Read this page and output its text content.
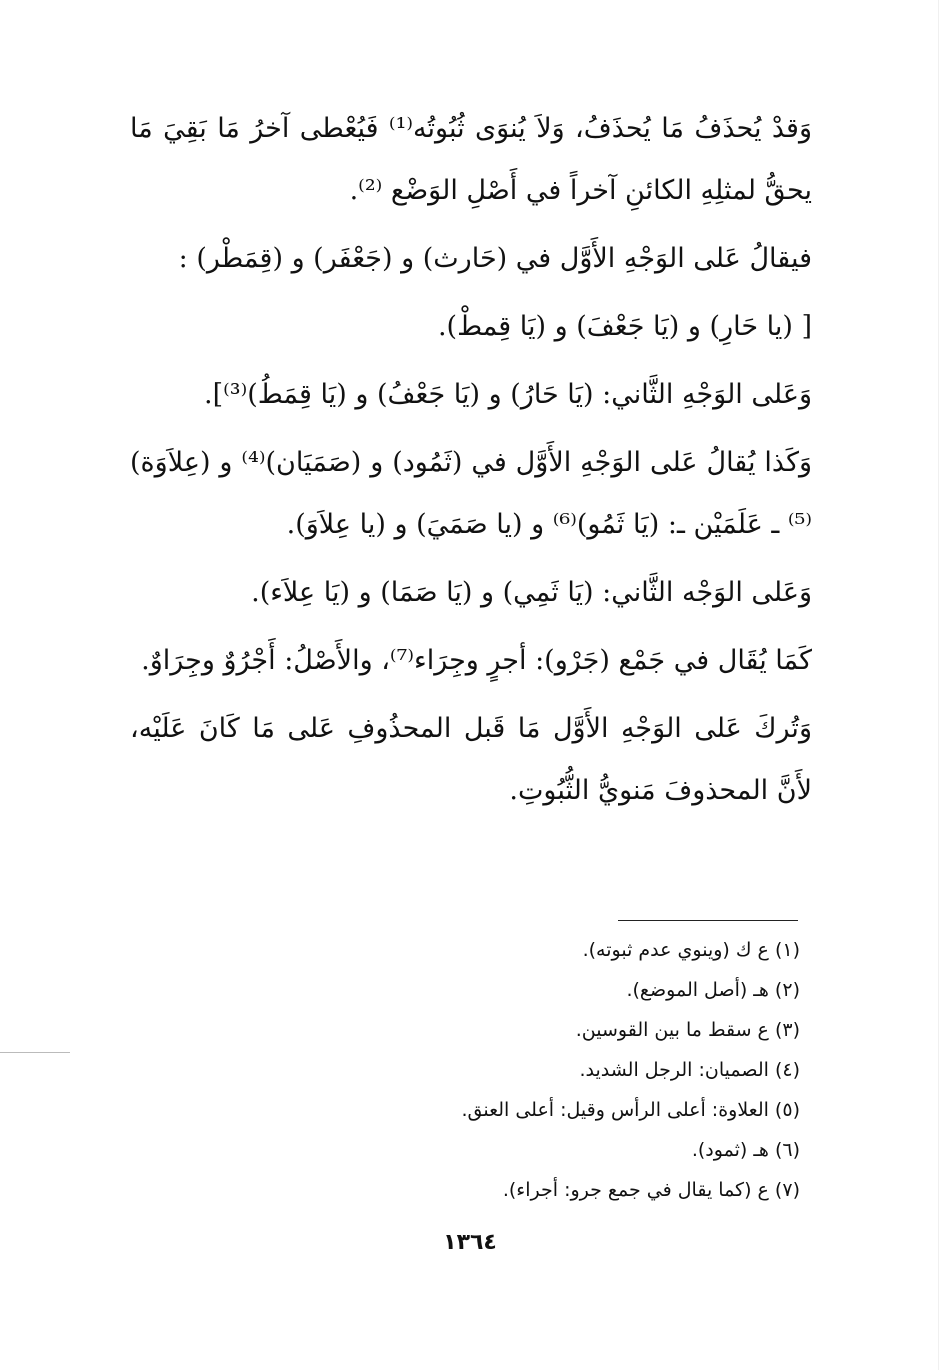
وَقدْ يُحذَفُ مَا يُحذَفُ، وَلاَ يُنوَى ثُبُوتُه⁽¹⁾ فَيُعْطى آخرُ مَا بَقِيَ مَا يحقُّ لمثلِهِ الكائنِ آخراً في أَصْلِ الوَضْع ⁽²⁾.

فيقالُ عَلى الوَجْهِ الأَوَّل في (حَارث) و (جَعْفَر) و (قِمَطْر) :

[ (يا حَارِ) و (يَا جَعْفَ) و (يَا قِمطْ).

وَعَلى الوَجْهِ الثَّاني: (يَا حَارُ) و (يَا جَعْفُ) و (يَا قِمَطُ)⁽³⁾].

وَكَذا يُقالُ عَلى الوَجْهِ الأَوَّل في (ثَمُود) و (صَمَيَان)⁽⁴⁾ و (عِلاَوَة)⁽⁵⁾ ـ عَلَمَيْن ـ: (يَا ثَمُو)⁽⁶⁾ و (يا صَمَيَ) و (يا عِلاَوَ).

وَعَلى الوَجْه الثَّاني: (يَا ثَمِي) و (يَا صَمَا) و (يَا عِلاَء).

كَمَا يُقَال في جَمْع (جَرْو): أجرٍ وجِرَاء⁽⁷⁾، والأَصْلُ: أَجْرُوٌ وجِرَاوٌ.

وَتُركَ عَلى الوَجْهِ الأَوَّل مَا قَبل المحذُوفِ عَلى مَا كَانَ عَلَيْه، لأَنَّ المحذوفَ مَنويُّ الثُّبُوتِ.

(١) ع ك (وينوي عدم ثبوته).

(٢) هـ (أصل الموضع).

(٣) ع سقط ما بين القوسين.

(٤) الصميان: الرجل الشديد.

(٥) العلاوة: أعلى الرأس وقيل: أعلى العنق.

(٦) هـ (ثمود).

(٧) ع (كما يقال في جمع جرو: أجراء).

١٣٦٤
